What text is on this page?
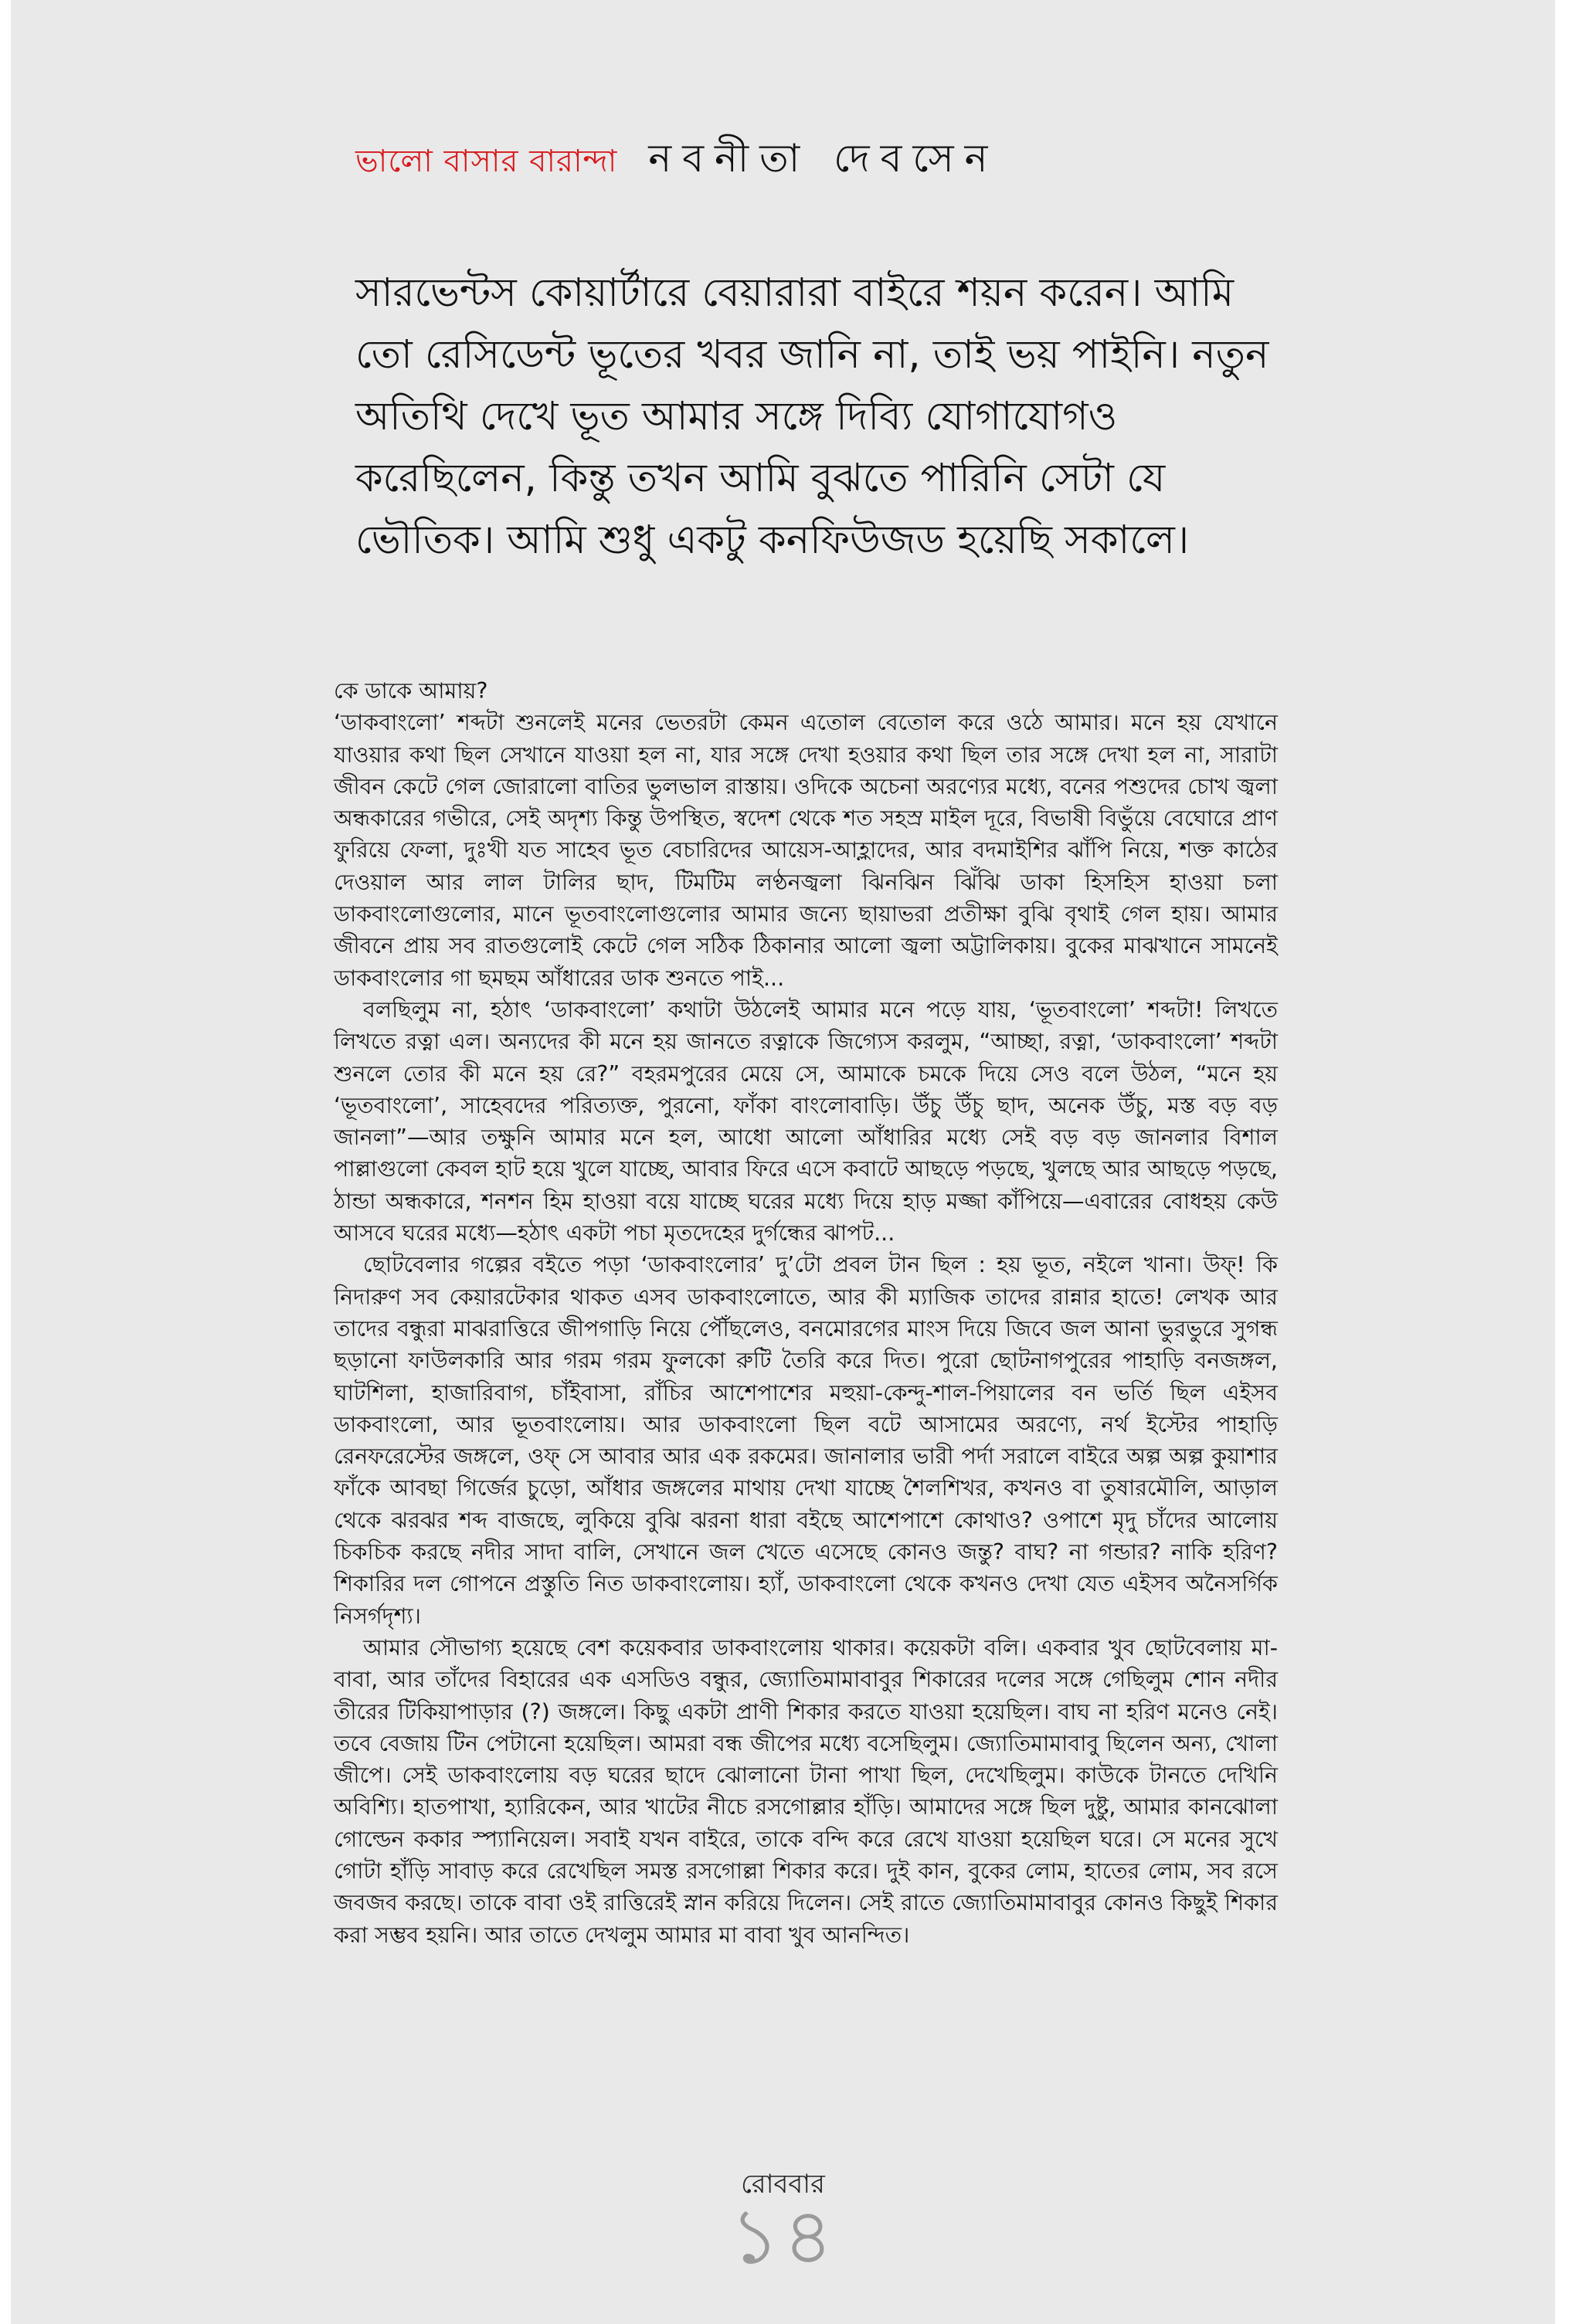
ভালো বাসার বারান্দা নবনীতা দেবসেন

সারভেন্টস কোয়ার্টারে বেয়ারারা বাইরে শয়ন করেন। আমি তো রেসিডেন্ট ভূতের খবর জানি না, তাই ভয় পাইনি। নতুন অতিথি দেখে ভূত আমার সঙ্গে দিব্যি যোগাযোগও করেছিলেন, কিন্তু তখন আমি বুঝতে পারিনি সেটা যে ভৌতিক। আমি শুধু একটু কনফিউজড হয়েছি সকালে।

কে ডাকে আমায়?

‘ডাকবাংলো’ শব্দটা শুনলেই মনের ভেতরটা কেমন এতোল বেতোল করে ওঠে আমার। মনে হয় যেখানে যাওয়ার কথা ছিল সেখানে যাওয়া হল না, যার সঙ্গে দেখা হওয়ার কথা ছিল তার সঙ্গে দেখা হল না, সারাটা জীবন কেটে গেল জোরালো বাতির ভুলভাল রাস্তায়। ওদিকে অচেনা অরণ্যের মধ্যে, বনের পশুদের চোখ জ্বলা অন্ধকারের গভীরে, সেই অদৃশ্য কিন্তু উপস্থিত, স্বদেশ থেকে শত সহস্র মাইল দূরে, বিভাষী বিভুঁয়ে বেঘোরে প্রাণ ফুরিয়ে ফেলা, দুঃখী যত সাহেব ভূত বেচারিদের আয়েস-আহ্লাদের, আর বদমাইশির ঝাঁপি নিয়ে, শক্ত কাঠের দেওয়াল আর লাল টালির ছাদ, টিমটিম লণ্ঠনজ্বলা ঝিনঝিন ঝিঁঝি ডাকা হিসহিস হাওয়া চলা ডাকবাংলোগুলোর, মানে ভূতবাংলোগুলোর আমার জন্যে ছায়াভরা প্রতীক্ষা বুঝি বৃথাই গেল হায়। আমার জীবনে প্রায় সব রাতগুলোই কেটে গেল সঠিক ঠিকানার আলো জ্বলা অট্টালিকায়। বুকের মাঝখানে সামনেই ডাকবাংলোর গা ছমছম আঁধারের ডাক শুনতে পাই...

বলছিলুম না, হঠাৎ ‘ডাকবাংলো’ কথাটা উঠলেই আমার মনে পড়ে যায়, ‘ভূতবাংলো’ শব্দটা! লিখতে লিখতে রত্না এল। অন্যদের কী মনে হয় জানতে রত্নাকে জিগ্যেস করলুম, “আচ্ছা, রত্না, ‘ডাকবাংলো’ শব্দটা শুনলে তোর কী মনে হয় রে?” বহরমপুরের মেয়ে সে, আমাকে চমকে দিয়ে সেও বলে উঠল, “মনে হয় ‘ভূতবাংলো’, সাহেবদের পরিত্যক্ত, পুরনো, ফাঁকা বাংলোবাড়ি। উঁচু উঁচু ছাদ, অনেক উঁচু, মস্ত বড় বড় জানলা”—আর তক্ষুনি আমার মনে হল, আধো আলো আঁধারির মধ্যে সেই বড় বড় জানলার বিশাল পাল্লাগুলো কেবল হাট হয়ে খুলে যাচ্ছে, আবার ফিরে এসে কবাটে আছড়ে পড়ছে, খুলছে আর আছড়ে পড়ছে, ঠান্ডা অন্ধকারে, শনশন হিম হাওয়া বয়ে যাচ্ছে ঘরের মধ্যে দিয়ে হাড় মজ্জা কাঁপিয়ে—এবারের বোধহয় কেউ আসবে ঘরের মধ্যে—হঠাৎ একটা পচা মৃতদেহের দুর্গন্ধের ঝাপট...

ছোটবেলার গল্পের বইতে পড়া ‘ডাকবাংলোর’ দু’টো প্রবল টান ছিল : হয় ভূত, নইলে খানা। উফ্! কি নিদারুণ সব কেয়ারটেকার থাকত এসব ডাকবাংলোতে, আর কী ম্যাজিক তাদের রান্নার হাতে! লেখক আর তাদের বন্ধুরা মাঝরাত্তিরে জীপগাড়ি নিয়ে পৌঁছলেও, বনমোরগের মাংস দিয়ে জিবে জল আনা ভুরভুরে সুগন্ধ ছড়ানো ফাউলকারি আর গরম গরম ফুলকো রুটি তৈরি করে দিত। পুরো ছোটনাগপুরের পাহাড়ি বনজঙ্গল, ঘাটশিলা, হাজারিবাগ, চাঁইবাসা, রাঁচির আশেপাশের মহুয়া-কেন্দু-শাল-পিয়ালের বন ভর্তি ছিল এইসব ডাকবাংলো, আর ভূতবাংলোয়। আর ডাকবাংলো ছিল বটে আসামের অরণ্যে, নর্থ ইস্টের পাহাড়ি রেনফরেস্টের জঙ্গলে, ওফ্ সে আবার আর এক রকমের। জানালার ভারী পর্দা সরালে বাইরে অল্প অল্প কুয়াশার ফাঁকে আবছা গির্জের চুড়ো, আঁধার জঙ্গলের মাথায় দেখা যাচ্ছে শৈলশিখর, কখনও বা তুষারমৌলি, আড়াল থেকে ঝরঝর শব্দ বাজছে, লুকিয়ে বুঝি ঝরনা ধারা বইছে আশেপাশে কোথাও? ওপাশে মৃদু চাঁদের আলোয় চিকচিক করছে নদীর সাদা বালি, সেখানে জল খেতে এসেছে কোনও জন্তু? বাঘ? না গন্ডার? নাকি হরিণ? শিকারির দল গোপনে প্রস্তুতি নিত ডাকবাংলোয়। হ্যাঁ, ডাকবাংলো থেকে কখনও দেখা যেত এইসব অনৈসর্গিক নিসর্গদৃশ্য।

আমার সৌভাগ্য হয়েছে বেশ কয়েকবার ডাকবাংলোয় থাকার। কয়েকটা বলি। একবার খুব ছোটবেলায় মা-বাবা, আর তাঁদের বিহারের এক এসডিও বন্ধুর, জ্যোতিমামাবাবুর শিকারের দলের সঙ্গে গেছিলুম শোন নদীর তীরের টিকিয়াপাড়ার (?) জঙ্গলে। কিছু একটা প্রাণী শিকার করতে যাওয়া হয়েছিল। বাঘ না হরিণ মনেও নেই। তবে বেজায় টিন পেটানো হয়েছিল। আমরা বন্ধ জীপের মধ্যে বসেছিলুম। জ্যোতিমামাবাবু ছিলেন অন্য, খোলা জীপে। সেই ডাকবাংলোয় বড় ঘরের ছাদে ঝোলানো টানা পাখা ছিল, দেখেছিলুম। কাউকে টানতে দেখিনি অবিশ্যি। হাতপাখা, হ্যারিকেন, আর খাটের নীচে রসগোল্লার হাঁড়ি। আমাদের সঙ্গে ছিল দুষ্টু, আমার কানঝোলা গোল্ডেন ককার স্প্যানিয়েল। সবাই যখন বাইরে, তাকে বন্দি করে রেখে যাওয়া হয়েছিল ঘরে। সে মনের সুখে গোটা হাঁড়ি সাবাড় করে রেখেছিল সমস্ত রসগোল্লা শিকার করে। দুই কান, বুকের লোম, হাতের লোম, সব রসে জবজব করছে। তাকে বাবা ওই রাত্তিরেই স্নান করিয়ে দিলেন। সেই রাতে জ্যোতিমামাবাবুর কোনও কিছুই শিকার করা সম্ভব হয়নি। আর তাতে দেখলুম আমার মা বাবা খুব আনন্দিত।

রোববার
১৪
